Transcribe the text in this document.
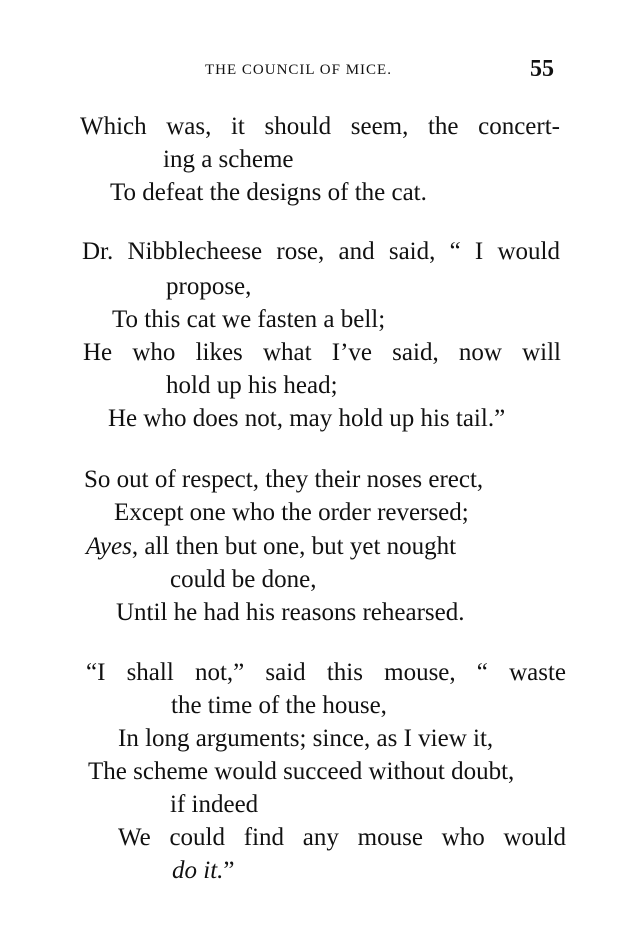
THE COUNCIL OF MICE.	55
Which was, it should seem, the concert-
ing a scheme
To defeat the designs of the cat.
Dr. Nibblecheese rose, and said, “ I would
propose,
To this cat we fasten a bell;
He who likes what I’ve said, now will
hold up his head;
He who does not, may hold up his tail.”
So out of respect, they their noses erect,
Except one who the order reversed;
Ayes, all then but one, but yet nought
could be done,
Until he had his reasons rehearsed.
“I shall not,” said this mouse, “ waste
the time of the house,
In long arguments; since, as I view it,
The scheme would succeed without doubt,
if indeed
We could find any mouse who would
do it.”
